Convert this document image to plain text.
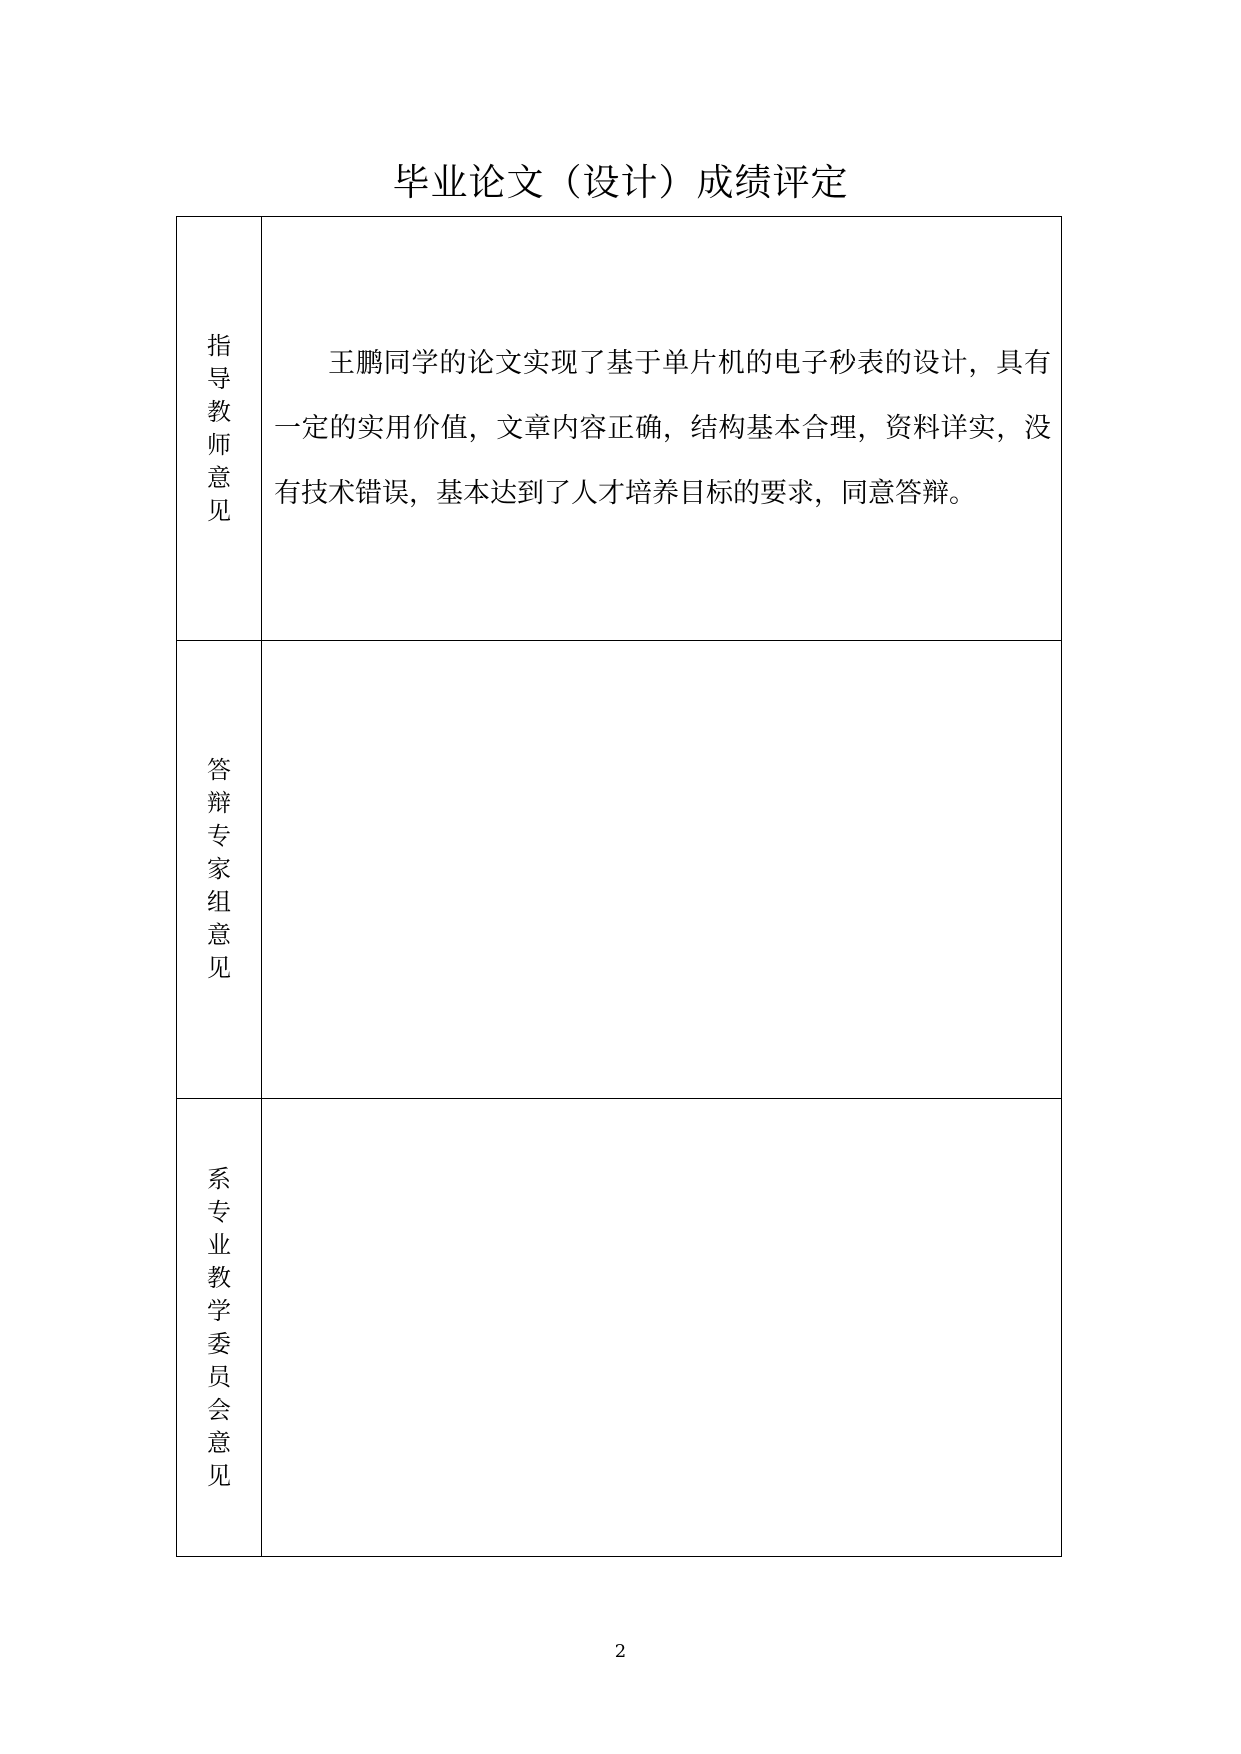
毕业论文（设计）成绩评定
指导教师意见	王鹏同学的论文实现了基于单片机的电子秒表的设计，具有一定的实用价值，文章内容正确，结构基本合理，资料详实，没有技术错误，基本达到了人才培养目标的要求，同意答辩。

答辩专家组意见	

系专业教学委员会意见	

2
